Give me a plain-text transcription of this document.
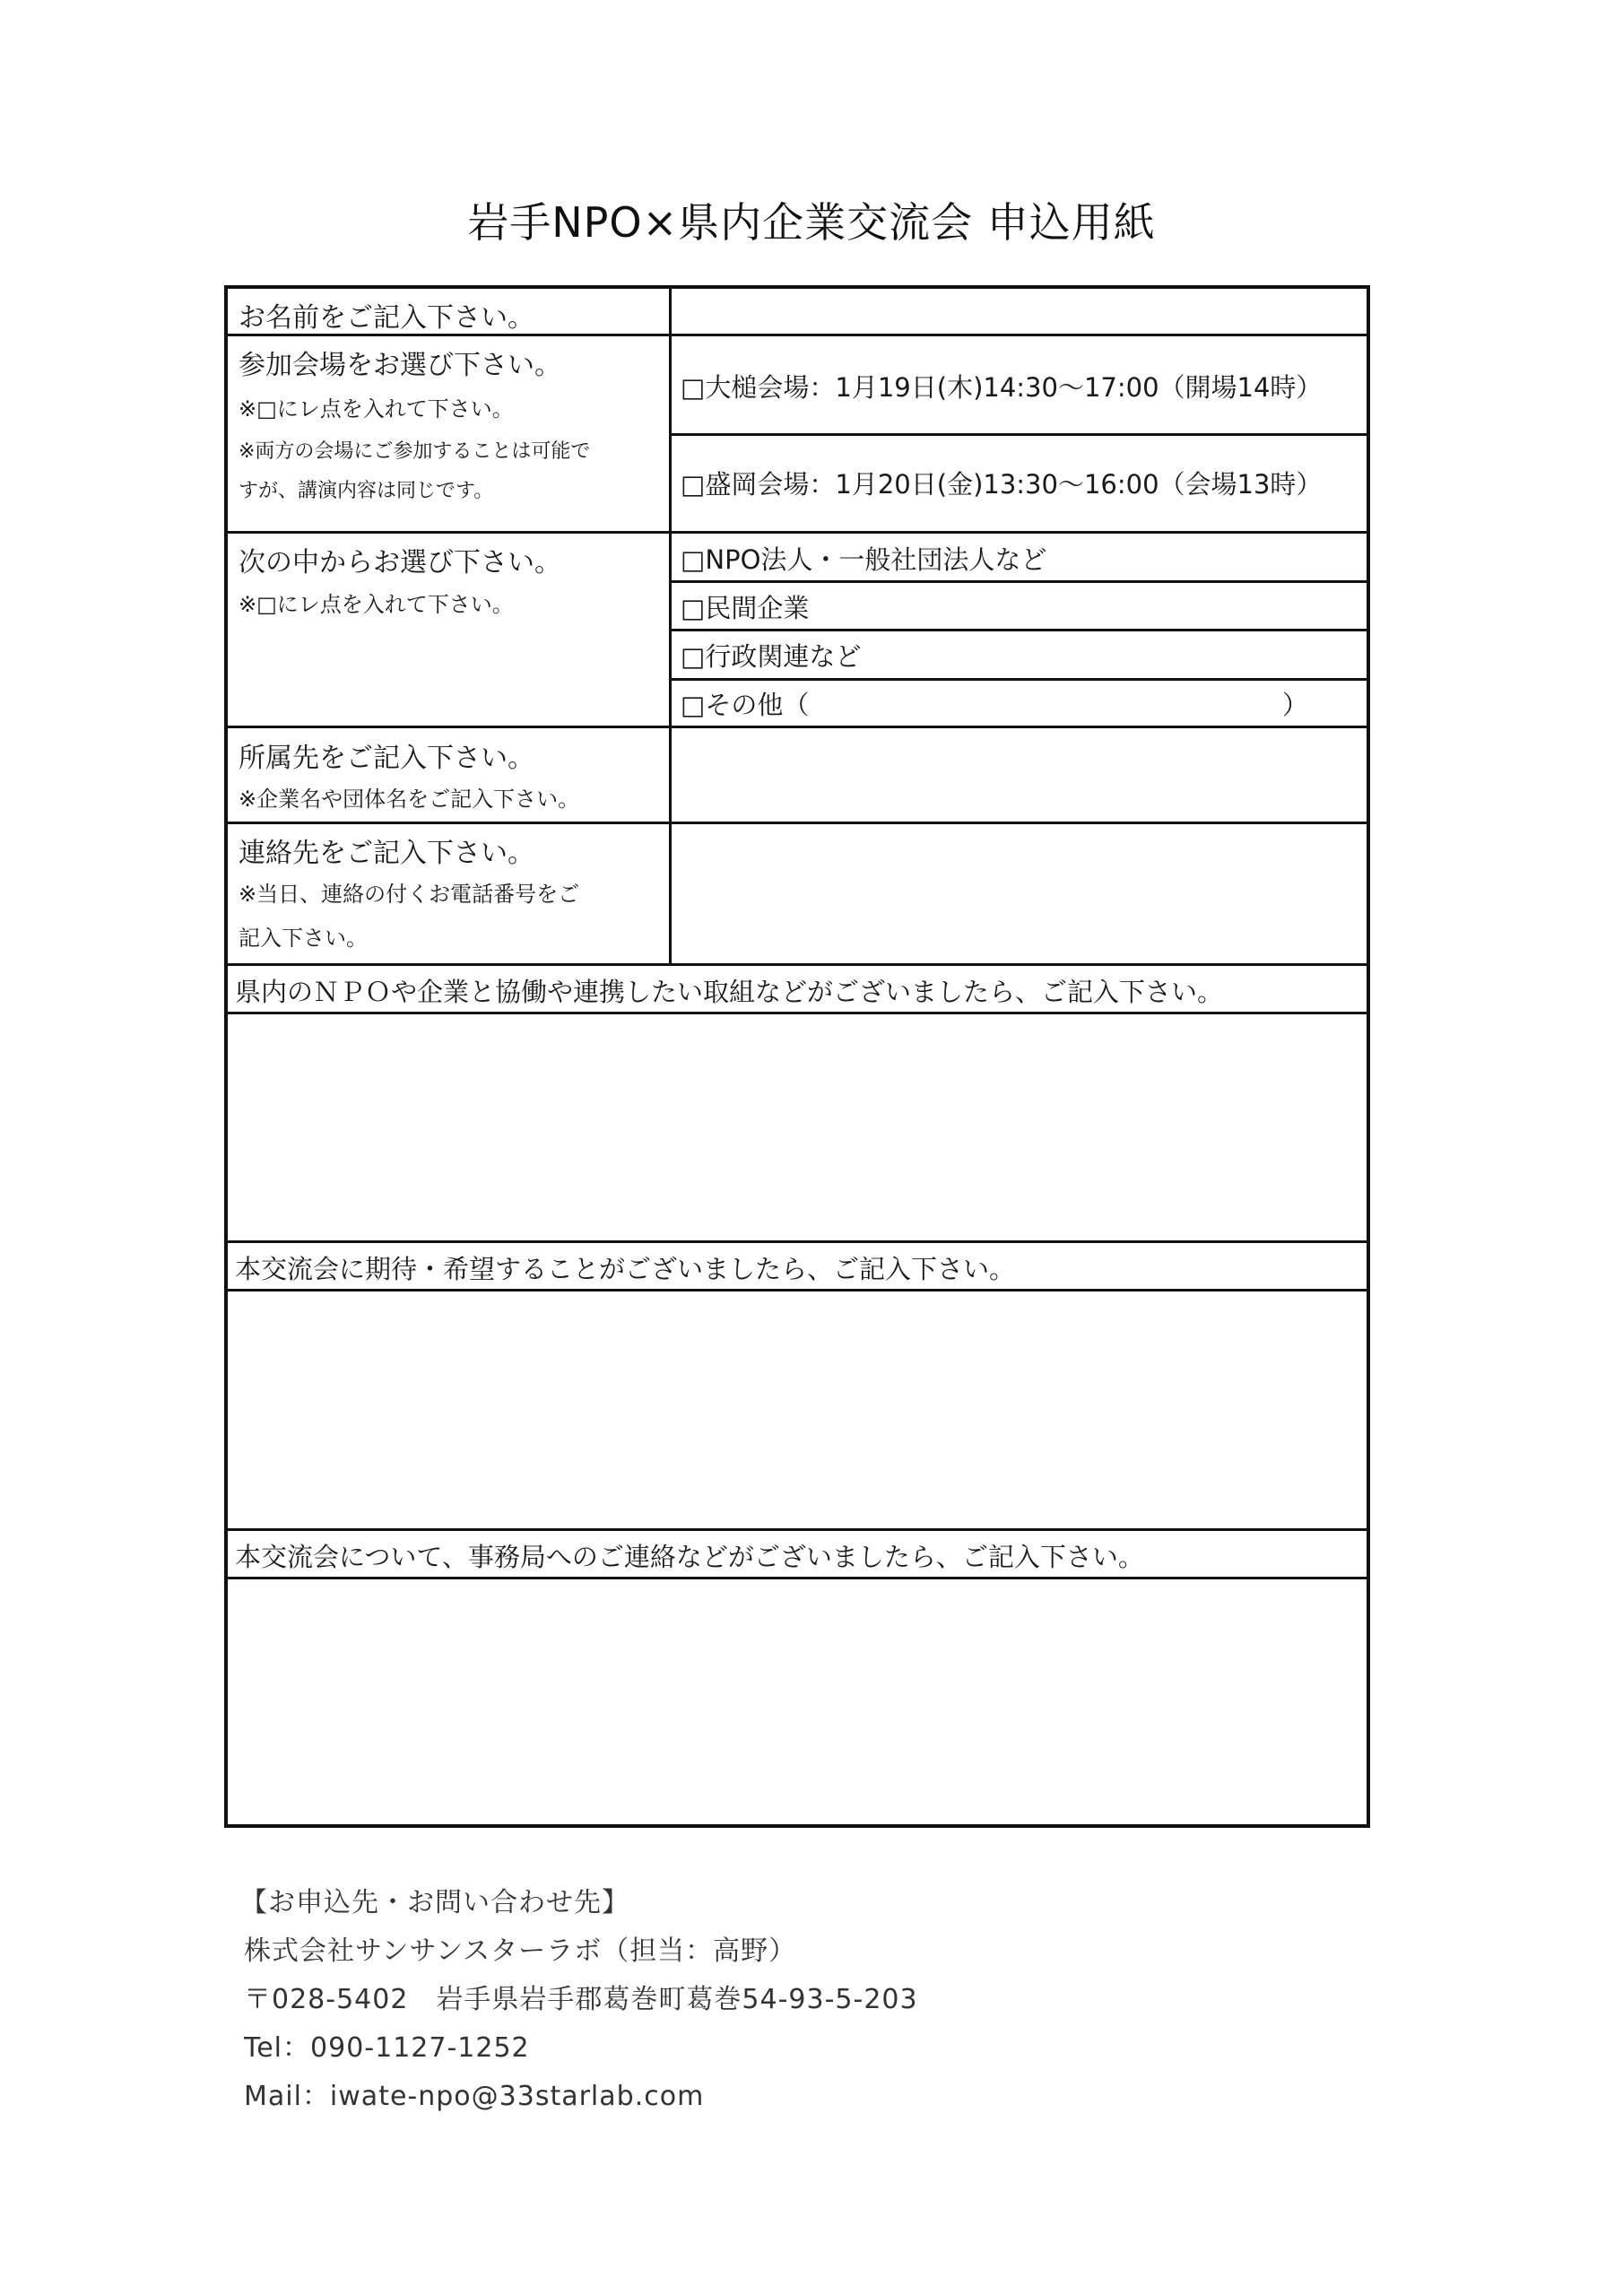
岩手NPO×県内企業交流会 申込用紙
お名前をご記入下さい。
参加会場をお選び下さい。
※□にレ点を入れて下さい。
※両方の会場にご参加することは可能で
すが、講演内容は同じです。
□大槌会場：1月19日(木)14:30～17:00（開場14時）
□盛岡会場：1月20日(金)13:30～16:00（会場13時）
次の中からお選び下さい。
※□にレ点を入れて下さい。
□NPO法人・一般社団法人など
□民間企業
□行政関連など
□その他（	）
所属先をご記入下さい。
※企業名や団体名をご記入下さい。
連絡先をご記入下さい。
※当日、連絡の付くお電話番号をご
記入下さい。
県内のＮＰＯや企業と協働や連携したい取組などがございましたら、ご記入下さい。
本交流会に期待・希望することがございましたら、ご記入下さい。
本交流会について、事務局へのご連絡などがございましたら、ご記入下さい。
【お申込先・お問い合わせ先】
株式会社サンサンスターラボ（担当：高野）
〒028-5402　岩手県岩手郡葛巻町葛巻54-93-5-203
Tel：090-1127-1252
Mail：iwate-npo@33starlab.com
